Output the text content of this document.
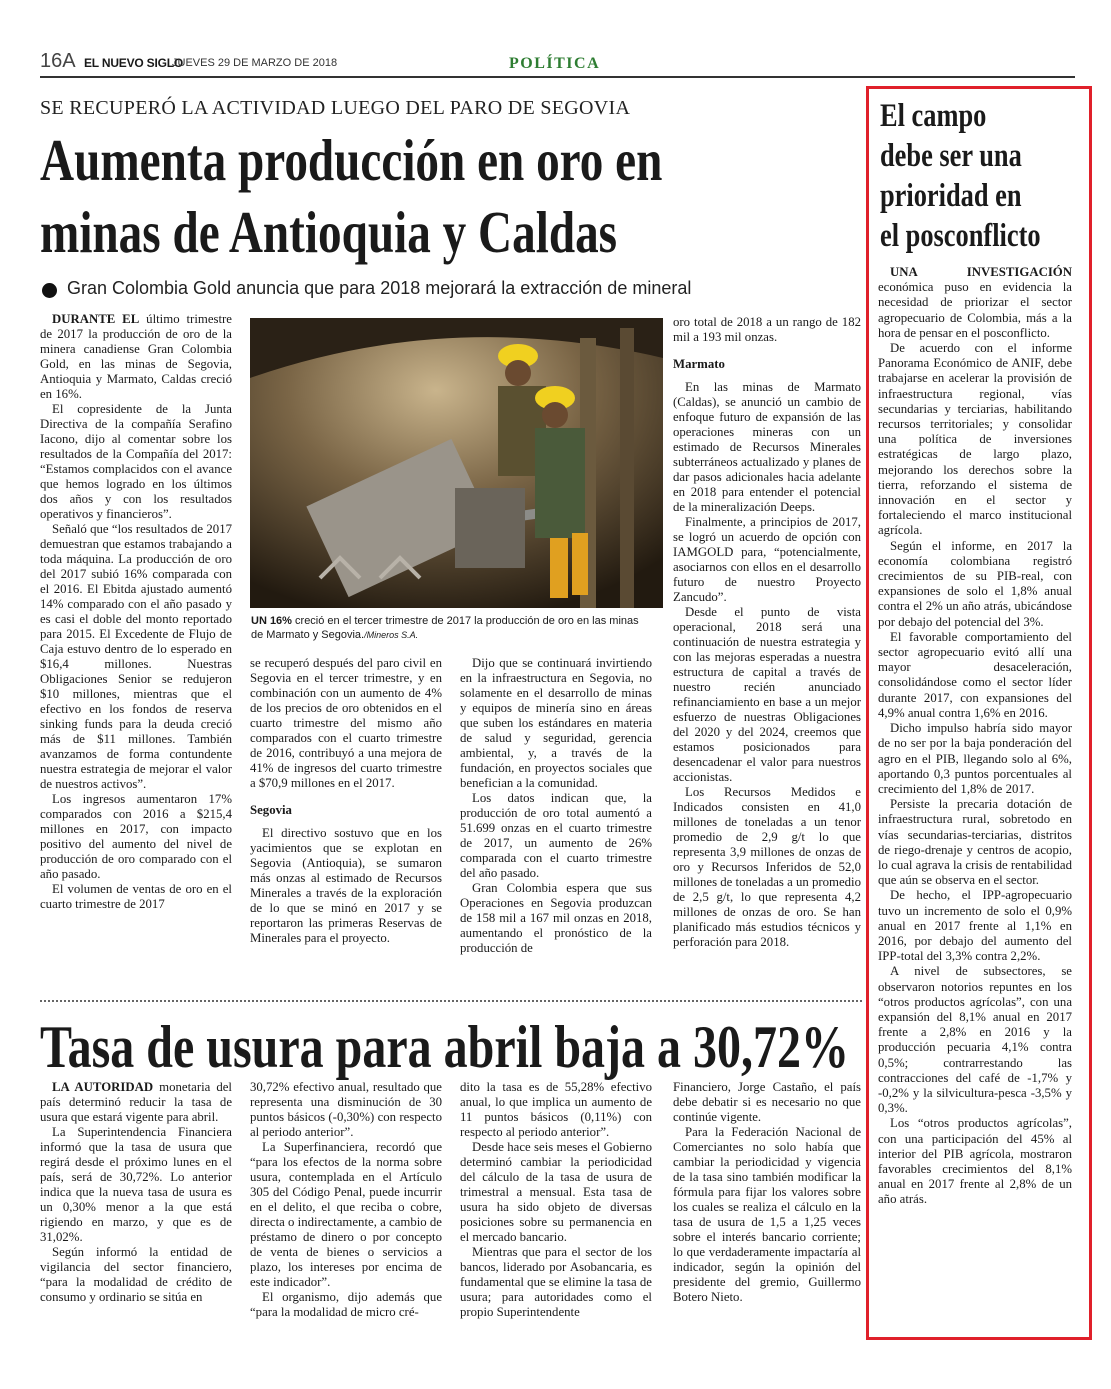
16A EL NUEVO SIGLO
JUEVES 29 DE MARZO DE 2018	POLÍTICA
SE RECUPERÓ LA ACTIVIDAD LUEGO DEL PARO DE SEGOVIA
Aumenta producción en oro en
minas de Antioquia y Caldas
Gran Colombia Gold anuncia que para 2018 mejorará la extracción de mineral

DURANTE EL último trimestre de 2017 la producción de oro de la minera canadiense Gran Colombia Gold, en las minas de Segovia, Antioquia y Marmato, Caldas creció en 16%.

El copresidente de la Junta Directiva de la compañía Serafino Iacono, dijo al comentar sobre los resultados de la Compañía del 2017: “Estamos complacidos con el avance que hemos logrado en los últimos dos años y con los resultados operativos y financieros”.

Señaló que “los resultados de 2017 demuestran que estamos trabajando a toda máquina. La producción de oro del 2017 subió 16% comparada con el 2016. El Ebitda ajustado aumentó 14% comparado con el año pasado y es casi el doble del monto reportado para 2015. El Excedente de Flujo de Caja estuvo dentro de lo esperado en $16,4 millones. Nuestras Obligaciones Senior se redujeron $10 millones, mientras que el efectivo en los fondos de reserva sinking funds para la deuda creció más de $11 millones. También avanzamos de forma contundente nuestra estrategia de mejorar el valor de nuestros activos”.

Los ingresos aumentaron 17% comparados con 2016 a $215,4 millones en 2017, con impacto positivo del aumento del nivel de producción de oro comparado con el año pasado.

El volumen de ventas de oro en el cuarto trimestre de 2017

UN 16% creció en el tercer trimestre de 2017 la producción de oro en las minas de Marmato y Segovia./Mineros S.A.

se recuperó después del paro civil en Segovia en el tercer trimestre, y en combinación con un aumento de 4% de los precios de oro obtenidos en el cuarto trimestre del mismo año comparados con el cuarto trimestre de 2016, contribuyó a una mejora de 41% de ingresos del cuarto trimestre a $70,9 millones en el 2017.

Segovia

El directivo sostuvo que en los yacimientos que se explotan en Segovia (Antioquia), se sumaron más onzas al estimado de Recursos Minerales a través de la exploración de lo que se minó en 2017 y se reportaron las primeras Reservas de Minerales para el proyecto.

Dijo que se continuará invirtiendo en la infraestructura en Segovia, no solamente en el desarrollo de minas y equipos de minería sino en áreas que suben los estándares en materia de salud y seguridad, gerencia ambiental, y, a través de la fundación, en proyectos sociales que benefician a la comunidad.

Los datos indican que, la producción de oro total aumentó a 51.699 onzas en el cuarto trimestre de 2017, un aumento de 26% comparada con el cuarto trimestre del año pasado.

Gran Colombia espera que sus Operaciones en Segovia produzcan de 158 mil a 167 mil onzas en 2018, aumentando el pronóstico de la producción de

oro total de 2018 a un rango de 182 mil a 193 mil onzas.

Marmato

En las minas de Marmato (Caldas), se anunció un cambio de enfoque futuro de expansión de las operaciones mineras con un estimado de Recursos Minerales subterráneos actualizado y planes de dar pasos adicionales hacia adelante en 2018 para entender el potencial de la mineralización Deeps.

Finalmente, a principios de 2017, se logró un acuerdo de opción con IAMGOLD para, “potencialmente, asociarnos con ellos en el desarrollo futuro de nuestro Proyecto Zancudo”.

Desde el punto de vista operacional, 2018 será una continuación de nuestra estrategia y con las mejoras esperadas a nuestra estructura de capital a través de nuestro recién anunciado refinanciamiento en base a un mejor esfuerzo de nuestras Obligaciones del 2020 y del 2024, creemos que estamos posicionados para desencadenar el valor para nuestros accionistas.

Los Recursos Medidos e Indicados consisten en 41,0 millones de toneladas a un tenor promedio de 2,9 g/t lo que representa 3,9 millones de onzas de oro y Recursos Inferidos de 52,0 millones de toneladas a un promedio de 2,5 g/t, lo que representa 4,2 millones de onzas de oro. Se han planificado más estudios técnicos y perforación para 2018.

Tasa de usura para abril baja a 30,72%

LA AUTORIDAD monetaria del país determinó reducir la tasa de usura que estará vigente para abril.

La Superintendencia Financiera informó que la tasa de usura que regirá desde el próximo lunes en el país, será de 30,72%. Lo anterior indica que la nueva tasa de usura es un 0,30% menor a la que está rigiendo en marzo, y que es de 31,02%.

Según informó la entidad de vigilancia del sector financiero, “para la modalidad de crédito de consumo y ordinario se sitúa en

30,72% efectivo anual, resultado que representa una disminución de 30 puntos básicos (-0,30%) con respecto al periodo anterior”.

La Superfinanciera, recordó que “para los efectos de la norma sobre usura, contemplada en el Artículo 305 del Código Penal, puede incurrir en el delito, el que reciba o cobre, directa o indirectamente, a cambio de préstamo de dinero o por concepto de venta de bienes o servicios a plazo, los intereses por encima de este indicador”.

El organismo, dijo además que “para la modalidad de micro cré-

dito la tasa es de 55,28% efectivo anual, lo que implica un aumento de 11 puntos básicos (0,11%) con respecto al periodo anterior”.

Desde hace seis meses el Gobierno determinó cambiar la periodicidad del cálculo de la tasa de usura de trimestral a mensual. Esta tasa de usura ha sido objeto de diversas posiciones sobre su permanencia en el mercado bancario.

Mientras que para el sector de los bancos, liderado por Asobancaria, es fundamental que se elimine la tasa de usura; para autoridades como el propio Superintendente

Financiero, Jorge Castaño, el país debe debatir si es necesario no que continúe vigente.

Para la Federación Nacional de Comerciantes no solo había que cambiar la periodicidad y vigencia de la tasa sino también modificar la fórmula para fijar los valores sobre los cuales se realiza el cálculo en la tasa de usura de 1,5 a 1,25 veces sobre el interés bancario corriente; lo que verdaderamente impactaría al indicador, según la opinión del presidente del gremio, Guillermo Botero Nieto.

El campo
debe ser una
prioridad en
el posconflicto

UNA INVESTIGACIÓN económica puso en evidencia la necesidad de priorizar el sector agropecuario de Colombia, más a la hora de pensar en el posconflicto.

De acuerdo con el informe Panorama Económico de ANIF, debe trabajarse en acelerar la provisión de infraestructura regional, vías secundarias y terciarias, habilitando recursos territoriales; y consolidar una política de inversiones estratégicas de largo plazo, mejorando los derechos sobre la tierra, reforzando el sistema de innovación en el sector y fortaleciendo el marco institucional agrícola.

Según el informe, en 2017 la economía colombiana registró crecimientos de su PIB-real, con expansiones de solo el 1,8% anual contra el 2% un año atrás, ubicándose por debajo del potencial del 3%.

El favorable comportamiento del sector agropecuario evitó allí una mayor desaceleración, consolidándose como el sector líder durante 2017, con expansiones del 4,9% anual contra 1,6% en 2016.

Dicho impulso habría sido mayor de no ser por la baja ponderación del agro en el PIB, llegando solo al 6%, aportando 0,3 puntos porcentuales al crecimiento del 1,8% de 2017.

Persiste la precaria dotación de infraestructura rural, sobretodo en vías secundarias-terciarias, distritos de riego-drenaje y centros de acopio, lo cual agrava la crisis de rentabilidad que aún se observa en el sector.

De hecho, el IPP-agropecuario tuvo un incremento de solo el 0,9% anual en 2017 frente al 1,1% en 2016, por debajo del aumento del IPP-total del 3,3% contra 2,2%.

A nivel de subsectores, se observaron notorios repuntes en los “otros productos agrícolas”, con una expansión del 8,1% anual en 2017 frente a 2,8% en 2016 y la producción pecuaria 4,1% contra 0,5%; contrarrestando las contracciones del café de -1,7% y -0,2% y la silvicultura-pesca -3,5% y 0,3%.

Los “otros productos agrícolas”, con una participación del 45% al interior del PIB agrícola, mostraron favorables crecimientos del 8,1% anual en 2017 frente al 2,8% de un año atrás.
